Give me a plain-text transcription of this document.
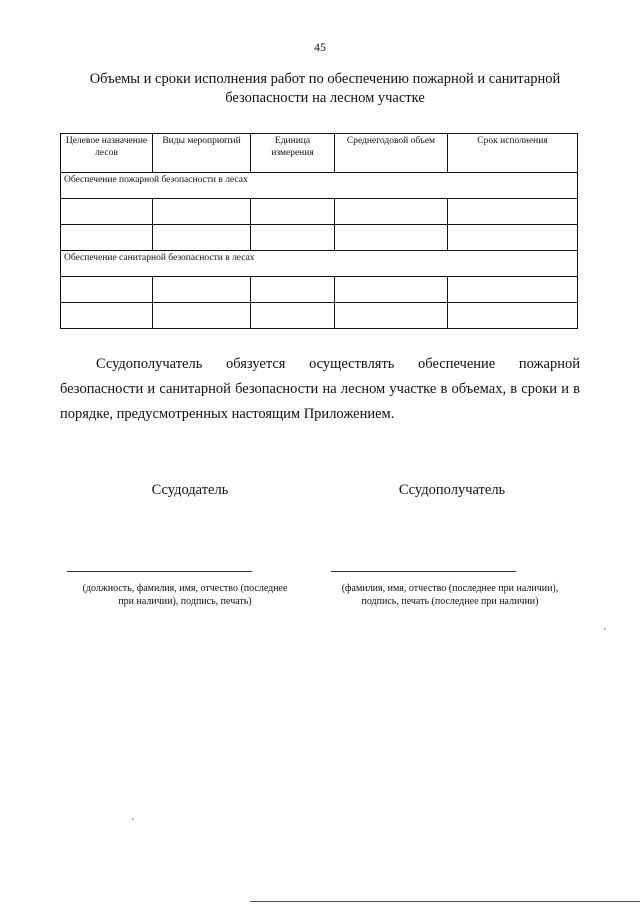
45
Объемы и сроки исполнения работ по обеспечению пожарной и санитарной безопасности на лесном участке
Целевое назначение лесов	Виды мероприятий	Единица измерения	Среднегодовой объем	Срок исполнения
Обеспечение пожарной безопасности в лесах				

Обеспечение санитарной безопасности в лесах				

Ссудополучатель обязуется осуществлять обеспечение пожарной безопасности и санитарной безопасности на лесном участке в объемах, в сроки и в порядке, предусмотренных настоящим Приложением.
Ссудодатель	Ссудополучатель
(должность, фамилия, имя, отчество (последнее при наличии), подпись, печать)
(фамилия, имя, отчество (последнее при наличии), подпись, печать (последнее при наличии)
